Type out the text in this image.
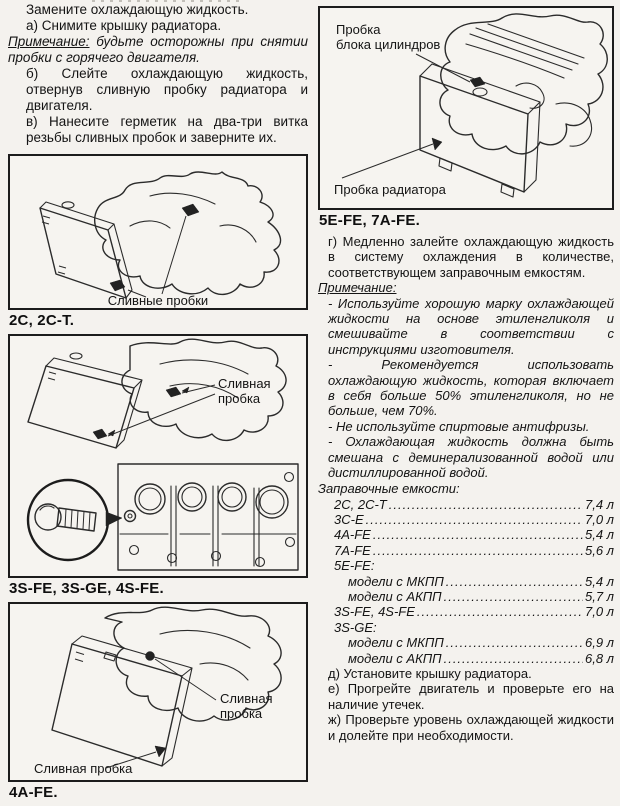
Замените охлаждающую жидкость.

а) Снимите крышку радиатора.

Примечание: будьте осторожны при снятии пробки с горячего двигателя.

б) Слейте охлаждающую жидкость, отвернув сливную пробку радиатора и двигателя.

в) Нанесите герметик на два-три витка резьбы сливных пробок и заверните их.

Сливные пробки
2C, 2C-T.
Сливная
пробка
3S-FE, 3S-GE, 4S-FE.
Сливная
пробка
Сливная пробка
4A-FE.
Пробка
блока цилиндров
Пробка радиатора
5E-FE, 7A-FE.

г) Медленно залейте охлаждающую жидкость в систему охлаждения в количестве, соответствующем заправочным емкостям.

Примечание:

- Используйте хорошую марку охлаждающей жидкости на основе этиленгликоля и смешивайте в соответствии с инструкциями изготовителя.

- Рекомендуется использовать охлаждающую жидкость, которая включает в себя больше 50% этиленгликоля, но не больше, чем 70%.

- Не используйте спиртовые антифризы.

- Охлаждающая жидкость должна быть смешана с деминерализованной водой или дистиллированной водой.

Заправочные емкости:
2C, 2C-T .....	7,4 л
3C-E .....	7,0 л
4A-FE .....	5,4 л
7A-FE .....	5,6 л
5E-FE:
модели с МКПП .....	5,4 л
модели с АКПП .....	5,7 л
3S-FE, 4S-FE .....	7,0 л
3S-GE:
модели с МКПП .....	6,9 л
модели с АКПП .....	6,8 л

д) Установите крышку радиатора.

е) Прогрейте двигатель и проверьте его на наличие утечек.

ж) Проверьте уровень охлаждающей жидкости и долейте при необходимости.
